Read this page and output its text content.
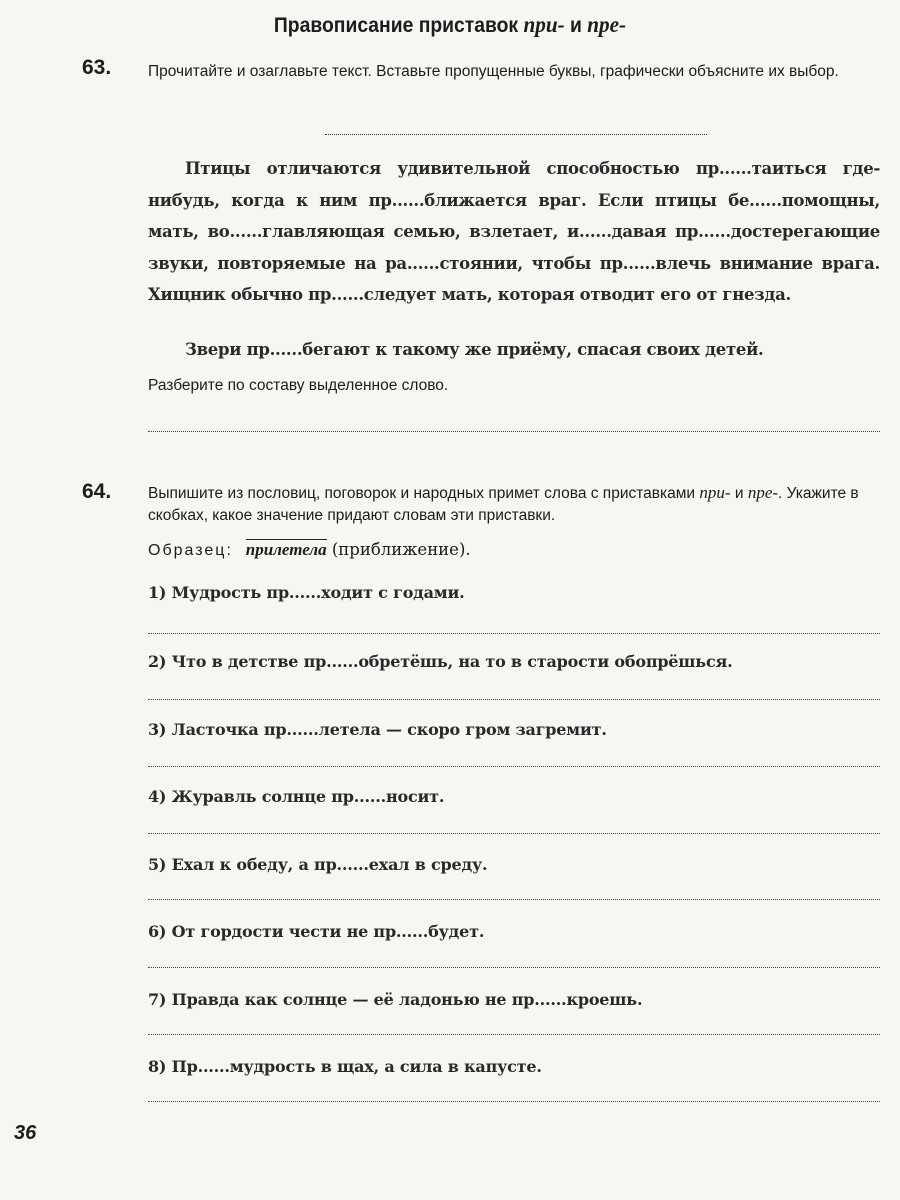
Правописание приставок при- и пре-
63. Прочитайте и озаглавьте текст. Вставьте пропущенные буквы, графически объясните их выбор.
Птицы отличаются удивительной способностью пр......таиться где-нибудь, когда к ним пр......ближается враг. Если птицы бе......помощны, мать, во......главляющая семью, взлетает, и......давая пр......достерегающие звуки, повторяемые на ра......стоянии, чтобы пр......влечь внимание врага. Хищник обычно пр......следует мать, которая отводит его от гнезда.
Звери пр......бегают к такому же приёму, спасая своих детей.
Разберите по составу выделенное слово.
64. Выпишите из пословиц, поговорок и народных примет слова с приставками при- и пре-. Укажите в скобках, какое значение придают словам эти приставки.
Образец: прилетела (приближение).
1) Мудрость пр......ходит с годами.
2) Что в детстве пр......обретёшь, на то в старости обопрёшься.
3) Ласточка пр......летела — скоро гром загремит.
4) Журавль солнце пр......носит.
5) Ехал к обеду, а пр......ехал в среду.
6) От гордости чести не пр......будет.
7) Правда как солнце — её ладонью не пр......кроешь.
8) Пр......мудрость в щах, а сила в капусте.
36
